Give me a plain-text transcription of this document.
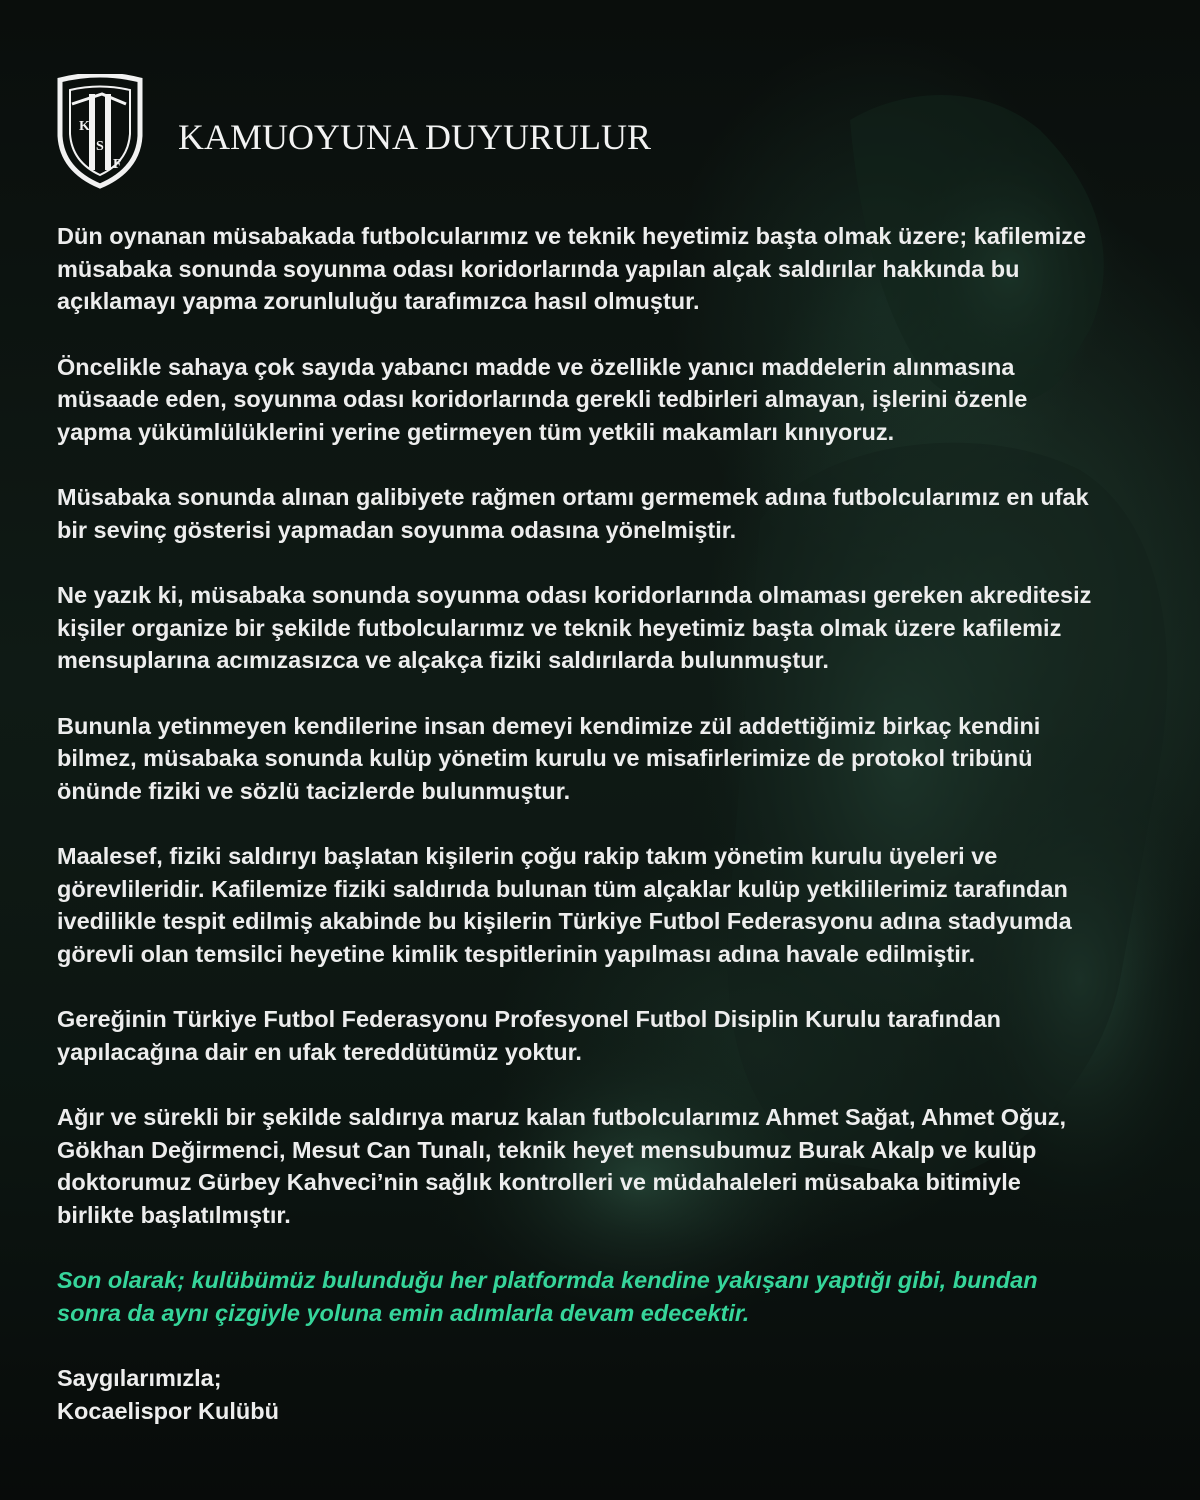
K
S
F
KAMUOYUNA DUYURULUR
Dün oynanan müsabakada futbolcularımız ve teknik heyetimiz başta olmak üzere; kafilemize
müsabaka sonunda soyunma odası koridorlarında yapılan alçak saldırılar hakkında bu
açıklamayı yapma zorunluluğu tarafımızca hasıl olmuştur.
Öncelikle sahaya çok sayıda yabancı madde ve özellikle yanıcı maddelerin alınmasına
müsaade eden, soyunma odası koridorlarında gerekli tedbirleri almayan, işlerini özenle
yapma yükümlülüklerini yerine getirmeyen tüm yetkili makamları kınıyoruz.
Müsabaka sonunda alınan galibiyete rağmen ortamı germemek adına futbolcularımız en ufak
bir sevinç gösterisi yapmadan soyunma odasına yönelmiştir.
Ne yazık ki, müsabaka sonunda soyunma odası koridorlarında olmaması gereken akreditesiz
kişiler organize bir şekilde futbolcularımız ve teknik heyetimiz başta olmak üzere kafilemiz
mensuplarına acımızasızca ve alçakça fiziki saldırılarda bulunmuştur.
Bununla yetinmeyen kendilerine insan demeyi kendimize zül addettiğimiz birkaç kendini
bilmez, müsabaka sonunda kulüp yönetim kurulu ve misafirlerimize de protokol tribünü
önünde fiziki ve sözlü tacizlerde bulunmuştur.
Maalesef, fiziki saldırıyı başlatan kişilerin çoğu rakip takım yönetim kurulu üyeleri ve
görevlileridir. Kafilemize fiziki saldırıda bulunan tüm alçaklar kulüp yetkililerimiz tarafından
ivedilikle tespit edilmiş akabinde bu kişilerin Türkiye Futbol Federasyonu adına stadyumda
görevli olan temsilci heyetine kimlik tespitlerinin yapılması adına havale edilmiştir.
Gereğinin Türkiye Futbol Federasyonu Profesyonel Futbol Disiplin Kurulu tarafından
yapılacağına dair en ufak tereddütümüz yoktur.
Ağır ve sürekli bir şekilde saldırıya maruz kalan futbolcularımız Ahmet Sağat, Ahmet Oğuz,
Gökhan Değirmenci, Mesut Can Tunalı, teknik heyet mensubumuz Burak Akalp ve kulüp
doktorumuz Gürbey Kahveci’nin sağlık kontrolleri ve müdahaleleri müsabaka bitimiyle
birlikte başlatılmıştır.
Son olarak; kulübümüz bulunduğu her platformda kendine yakışanı yaptığı gibi, bundan
sonra da aynı çizgiyle yoluna emin adımlarla devam edecektir.
Saygılarımızla;
Kocaelispor Kulübü
